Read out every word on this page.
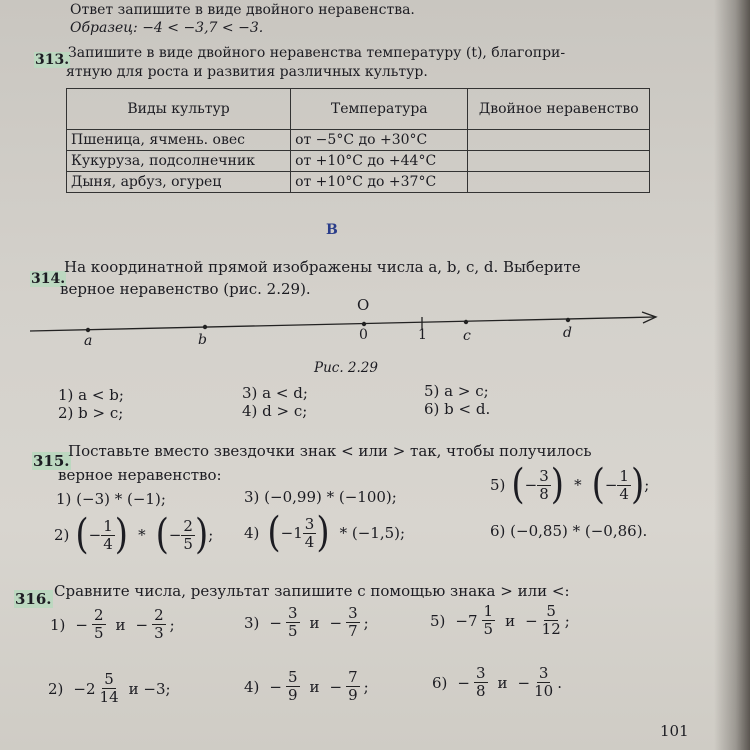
Ответ запишите в виде двойного неравенства.
Образец: −4 < −3,7 < −3.
313.
Запишите в виде двойного неравенства температуру (t), благопри-
ятную для роста и развития различных культур.
Виды культур	Температура	Двойное неравенство
Пшеница, ячмень. овес	от −5°С до +30°С	
Кукуруза, подсолнечник	от +10°С до +44°С	
Дыня, арбуз, огурец	от +10°С до +37°С	
В
314.
На координатной прямой изображены числа a, b, c, d. Выберите
верное неравенство (рис. 2.29).
O
a	b	0	1	c	d
Рис. 2.29
1) a < b;
2) b > c;
3) a < d;
4) d > c;
5) a > c;
6) b < d.
315.
Поставьте вместо звездочки знак < или > так, чтобы получилось
верное неравенство:
1) (−3) * (−1);	3) (−0,99) * (−100);
5) ( − $\frac{3}{8}$ ) * ( − $\frac{1}{4}$ ) ;
2) ( − $\frac{1}{4}$ ) * ( − $\frac{2}{5}$ ) ; 4) ( $-1 \frac{3}{4}$ ) * (−1,5);	6) (−0,85) * (−0,86).
316. Сравните числа, результат запишите с помощью знака > или <:
$1) - \frac{2}{5}$ $и - \frac{2}{3}$ ;	$3) - \frac{3}{5}$ $и - \frac{3}{7}$ ;	$5) -7 \frac{1}{5}$ $и - \frac{5}{12}$ ;
$2) -2 \frac{5}{14}$ и −3;	$4) - \frac{5}{9}$ $и - \frac{7}{9}$ ;	$6) - \frac{3}{8}$ $и - \frac{3}{10}$ .
101
